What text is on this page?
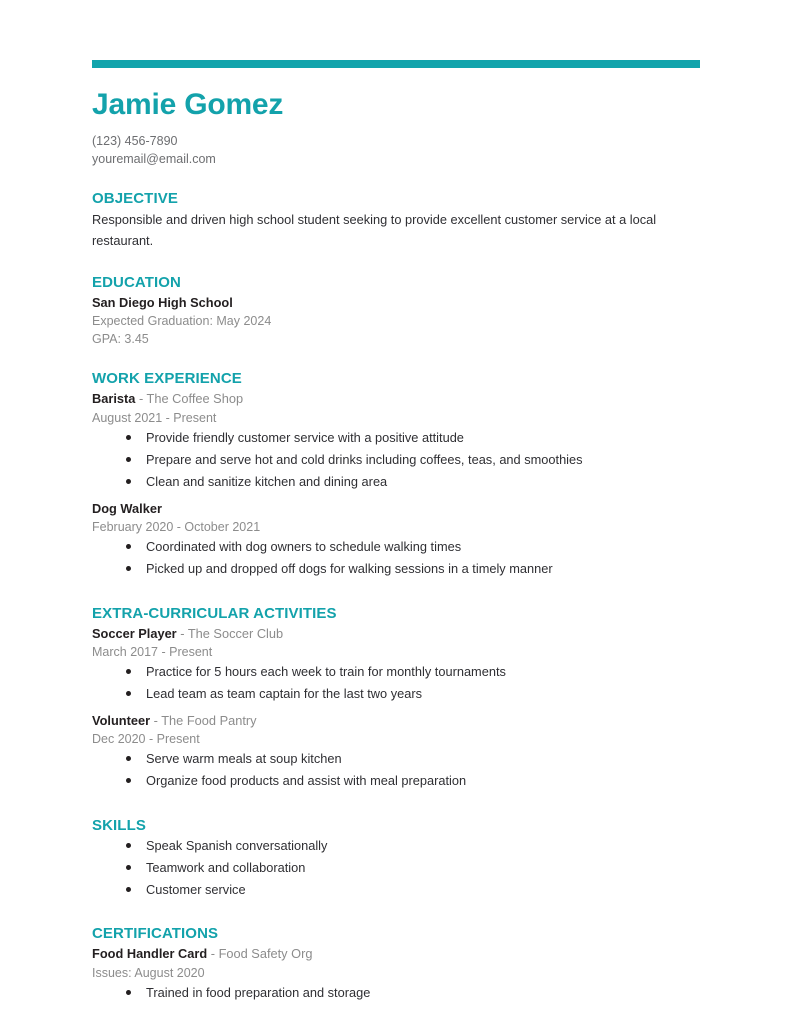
Jamie Gomez

(123) 456-7890

youremail@email.com

OBJECTIVE

Responsible and driven high school student seeking to provide excellent customer service at a local restaurant.

EDUCATION

San Diego High School

Expected Graduation: May 2024

GPA: 3.45

WORK EXPERIENCE

Barista - The Coffee Shop

August 2021 - Present

Provide friendly customer service with a positive attitude
Prepare and serve hot and cold drinks including coffees, teas, and smoothies
Clean and sanitize kitchen and dining area

Dog Walker

February 2020 - October 2021

Coordinated with dog owners to schedule walking times
Picked up and dropped off dogs for walking sessions in a timely manner
EXTRA-CURRICULAR ACTIVITIES

Soccer Player - The Soccer Club

March 2017 - Present

Practice for 5 hours each week to train for monthly tournaments
Lead team as team captain for the last two years

Volunteer - The Food Pantry

Dec 2020 - Present

Serve warm meals at soup kitchen
Organize food products and assist with meal preparation
SKILLS
Speak Spanish conversationally
Teamwork and collaboration
Customer service
CERTIFICATIONS

Food Handler Card - Food Safety Org

Issues: August 2020

Trained in food preparation and storage
